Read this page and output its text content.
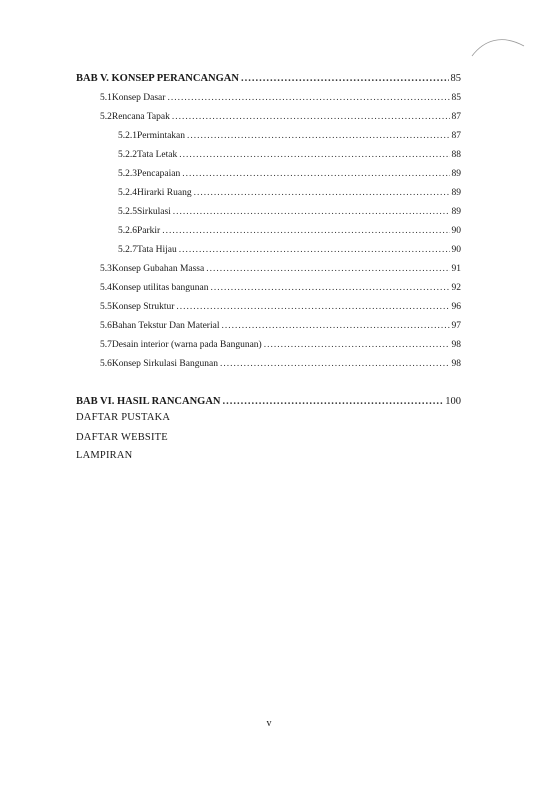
BAB V. KONSEP PERANCANGAN .....	85
5.1 Konsep Dasar .....	85
5.2 Rencana Tapak .....	87
5.2.1 Permintakan .....	87
5.2.2 Tata Letak .....	88
5.2.3 Pencapaian .....	89
5.2.4 Hirarki Ruang .....	89
5.2.5 Sirkulasi .....	89
5.2.6 Parkir .....	90
5.2.7 Tata Hijau .....	90
5.3 Konsep Gubahan Massa .....	91
5.4 Konsep utilitas bangunan .....	92
5.5 Konsep Struktur .....	96
5.6 Bahan Tekstur Dan Material .....	97
5.7 Desain interior (warna pada Bangunan) .....	98
5.6 Konsep Sirkulasi Bangunan .....	98
BAB VI. HASIL RANCANGAN .....	100
DAFTAR PUSTAKA
DAFTAR WEBSITE
LAMPIRAN
v
